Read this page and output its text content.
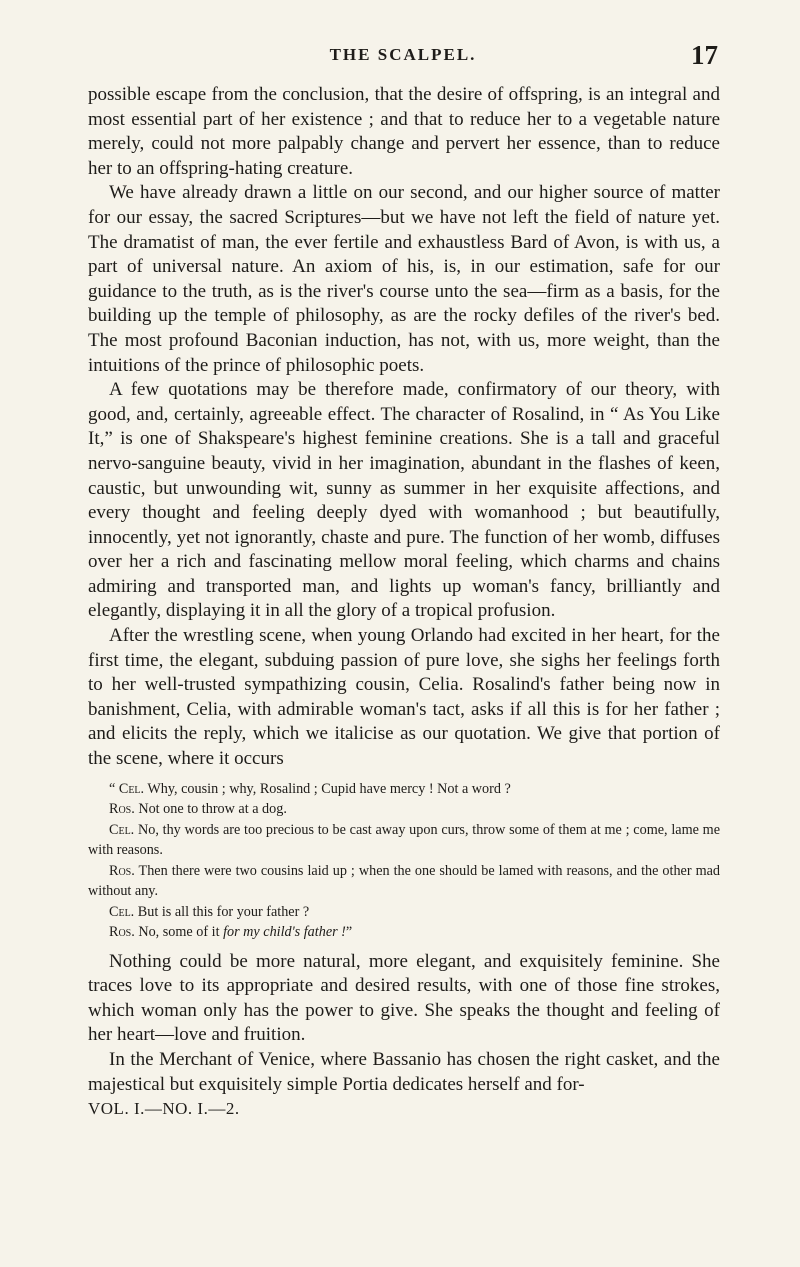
THE SCALPEL.	17

possible escape from the conclusion, that the desire of offspring, is an integral and most essential part of her existence ; and that to reduce her to a vegetable nature merely, could not more palpably change and pervert her essence, than to reduce her to an offspring-hating creature.

We have already drawn a little on our second, and our higher source of matter for our essay, the sacred Scriptures—but we have not left the field of nature yet. The dramatist of man, the ever fertile and exhaustless Bard of Avon, is with us, a part of universal nature. An axiom of his, is, in our estimation, safe for our guidance to the truth, as is the river's course unto the sea—firm as a basis, for the building up the temple of philosophy, as are the rocky defiles of the river's bed. The most profound Baconian induction, has not, with us, more weight, than the intuitions of the prince of philosophic poets.

A few quotations may be therefore made, confirmatory of our theory, with good, and, certainly, agreeable effect. The character of Rosalind, in “ As You Like It,” is one of Shakspeare's highest feminine creations. She is a tall and graceful nervo-sanguine beauty, vivid in her imagination, abundant in the flashes of keen, caustic, but unwounding wit, sunny as summer in her exquisite affections, and every thought and feeling deeply dyed with womanhood ; but beautifully, innocently, yet not ignorantly, chaste and pure. The function of her womb, diffuses over her a rich and fascinating mellow moral feeling, which charms and chains admiring and transported man, and lights up woman's fancy, brilliantly and elegantly, displaying it in all the glory of a tropical profusion.

After the wrestling scene, when young Orlando had excited in her heart, for the first time, the elegant, subduing passion of pure love, she sighs her feelings forth to her well-trusted sympathizing cousin, Celia. Rosalind's father being now in banishment, Celia, with admirable woman's tact, asks if all this is for her father ; and elicits the reply, which we italicise as our quotation. We give that portion of the scene, where it occurs

“ Cel. Why, cousin ; why, Rosalind ; Cupid have mercy ! Not a word ?

Ros. Not one to throw at a dog.

Cel. No, thy words are too precious to be cast away upon curs, throw some of them at me ; come, lame me with reasons.

Ros. Then there were two cousins laid up ; when the one should be lamed with reasons, and the other mad without any.

Cel. But is all this for your father ?

Ros. No, some of it for my child's father !”

Nothing could be more natural, more elegant, and exquisitely feminine. She traces love to its appropriate and desired results, with one of those fine strokes, which woman only has the power to give. She speaks the thought and feeling of her heart—love and fruition.

In the Merchant of Venice, where Bassanio has chosen the right casket, and the majestical but exquisitely simple Portia dedicates herself and for-

VOL. I.—NO. I.—2.
